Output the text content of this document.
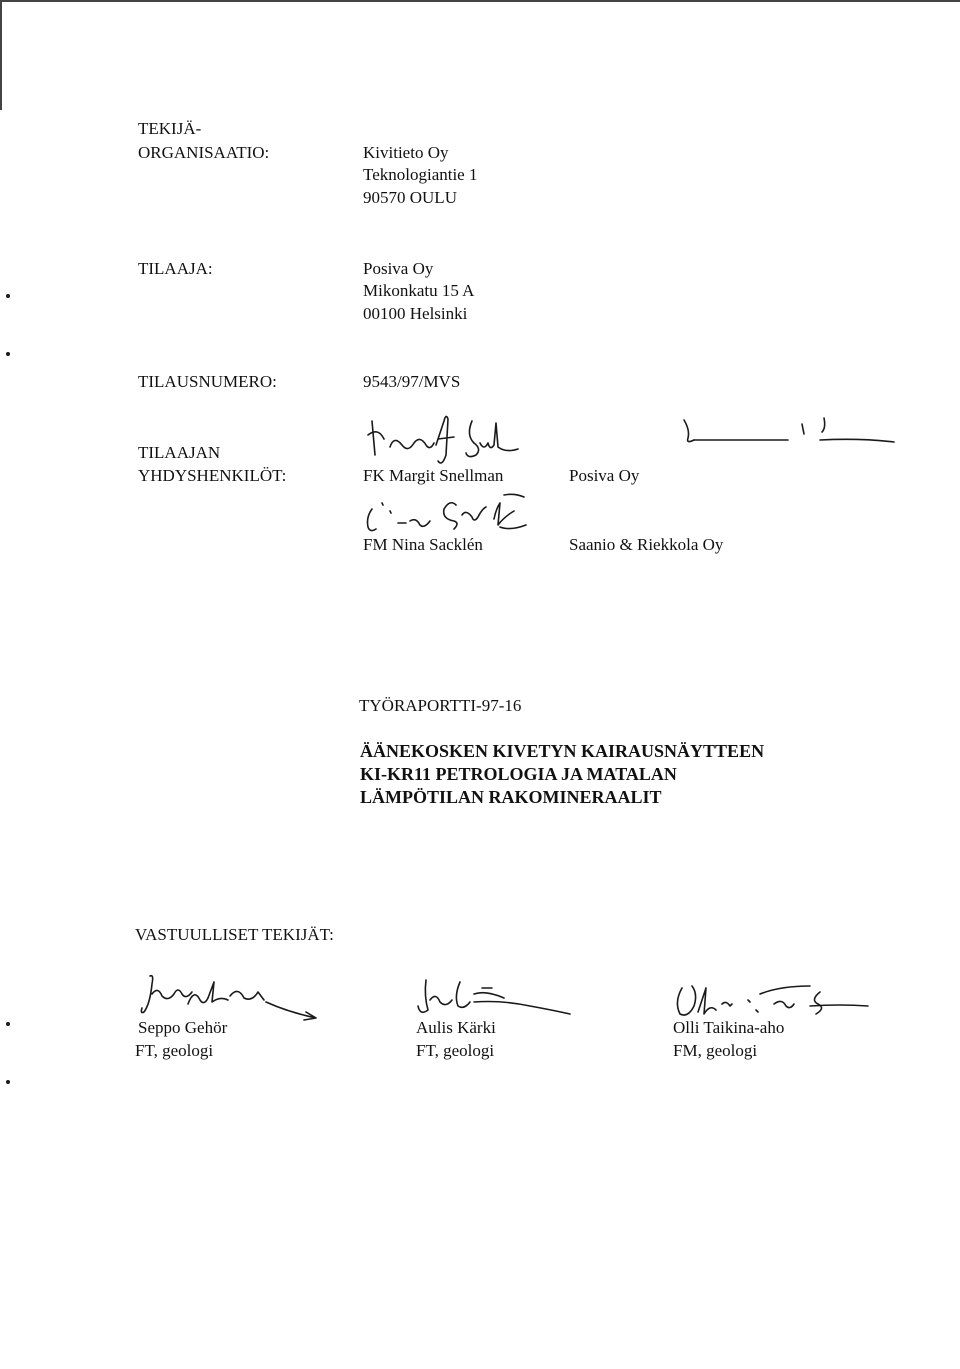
TEKIJÄ-
ORGANISAATIO:	Kivitieto Oy
Teknologiantie 1
90570 OULU
TILAAJA:	Posiva Oy
Mikonkatu 15 A
00100 Helsinki
TILAUSNUMERO:	9543/97/MVS
TILAAJAN
YHDYSHENKILÖT:	FK Margit Snellman	Posiva Oy
FM Nina Sacklén	Saanio & Riekkola Oy
TYÖRAPORTTI-97-16
ÄÄNEKOSKEN KIVETYN KAIRAUSNÄYTTEEN
KI-KR11 PETROLOGIA JA MATALAN
LÄMPÖTILAN RAKOMINERAALIT
VASTUULLISET TEKIJÄT:
Seppo Gehör
FT, geologi
Aulis Kärki
FT, geologi
Olli Taikina-aho
FM, geologi
